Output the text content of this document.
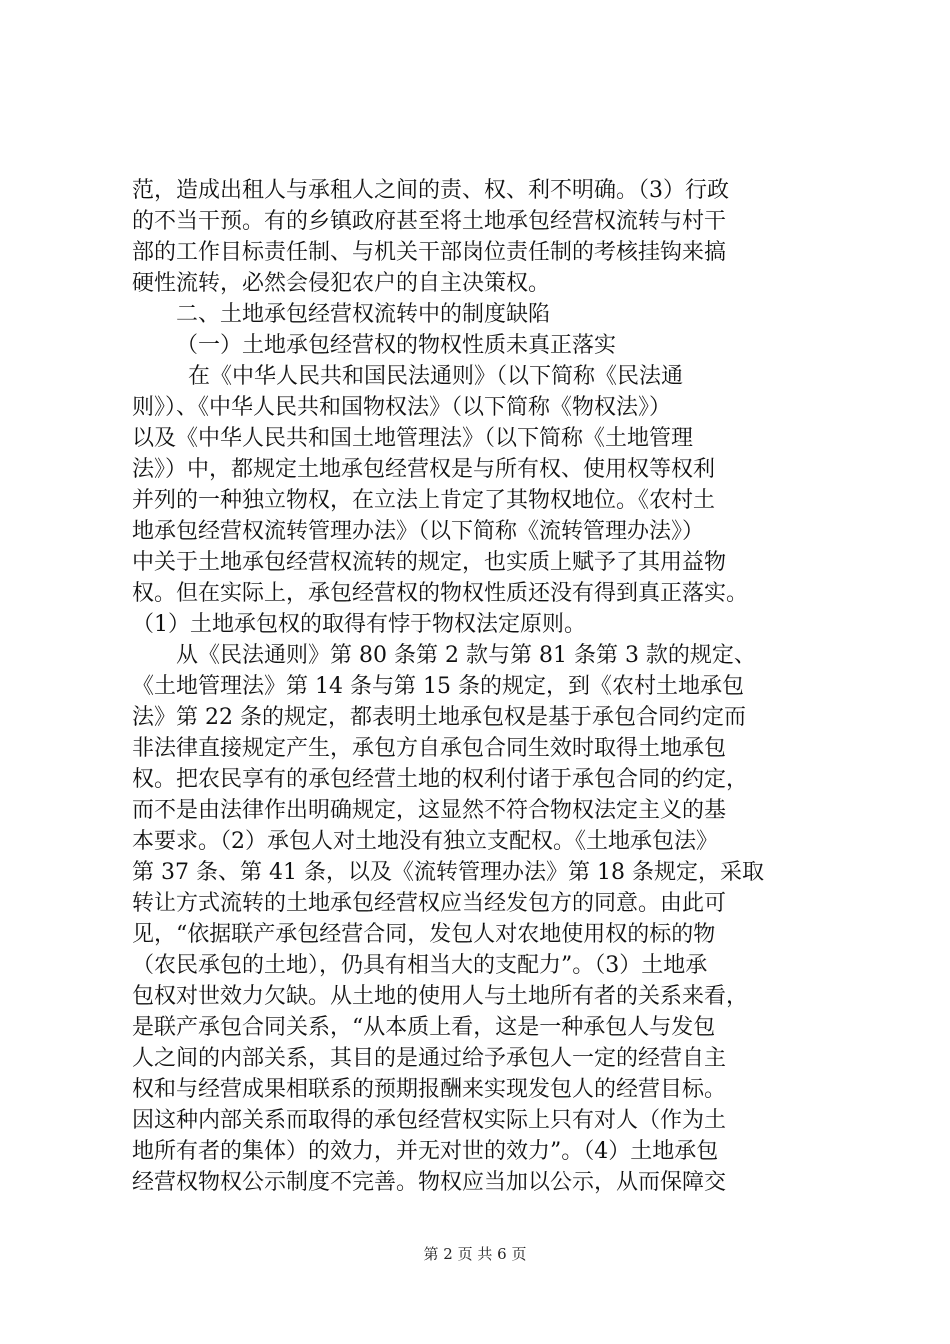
范，造成出租人与承租人之间的责、权、利不明确。（3）行政
的不当干预。有的乡镇政府甚至将土地承包经营权流转与村干
部的工作目标责任制、与机关干部岗位责任制的考核挂钩来搞
硬性流转，必然会侵犯农户的自主决策权。
二、土地承包经营权流转中的制度缺陷
（一）土地承包经营权的物权性质未真正落实
在《中华人民共和国民法通则》（以下简称《民法通
则》）、《中华人民共和国物权法》（以下简称《物权法》）
以及《中华人民共和国土地管理法》（以下简称《土地管理
法》）中，都规定土地承包经营权是与所有权、使用权等权利
并列的一种独立物权，在立法上肯定了其物权地位。《农村土
地承包经营权流转管理办法》（以下简称《流转管理办法》）
中关于土地承包经营权流转的规定，也实质上赋予了其用益物
权。但在实际上，承包经营权的物权性质还没有得到真正落实。
（1）土地承包权的取得有悖于物权法定原则。
从《民法通则》第 80 条第 2 款与第 81 条第 3 款的规定、
《土地管理法》第 14 条与第 15 条的规定，到《农村土地承包
法》第 22 条的规定，都表明土地承包权是基于承包合同约定而
非法律直接规定产生，承包方自承包合同生效时取得土地承包
权。把农民享有的承包经营土地的权利付诸于承包合同的约定，
而不是由法律作出明确规定，这显然不符合物权法定主义的基
本要求。（2）承包人对土地没有独立支配权。《土地承包法》
第 37 条、第 41 条，以及《流转管理办法》第 18 条规定，采取
转让方式流转的土地承包经营权应当经发包方的同意。由此可
见，“依据联产承包经营合同，发包人对农地使用权的标的物
（农民承包的土地），仍具有相当大的支配力”。（3）土地承
包权对世效力欠缺。从土地的使用人与土地所有者的关系来看，
是联产承包合同关系，“从本质上看，这是一种承包人与发包
人之间的内部关系，其目的是通过给予承包人一定的经营自主
权和与经营成果相联系的预期报酬来实现发包人的经营目标。
因这种内部关系而取得的承包经营权实际上只有对人（作为土
地所有者的集体）的效力，并无对世的效力”。（4）土地承包
经营权物权公示制度不完善。物权应当加以公示，从而保障交
第 2 页 共 6 页
